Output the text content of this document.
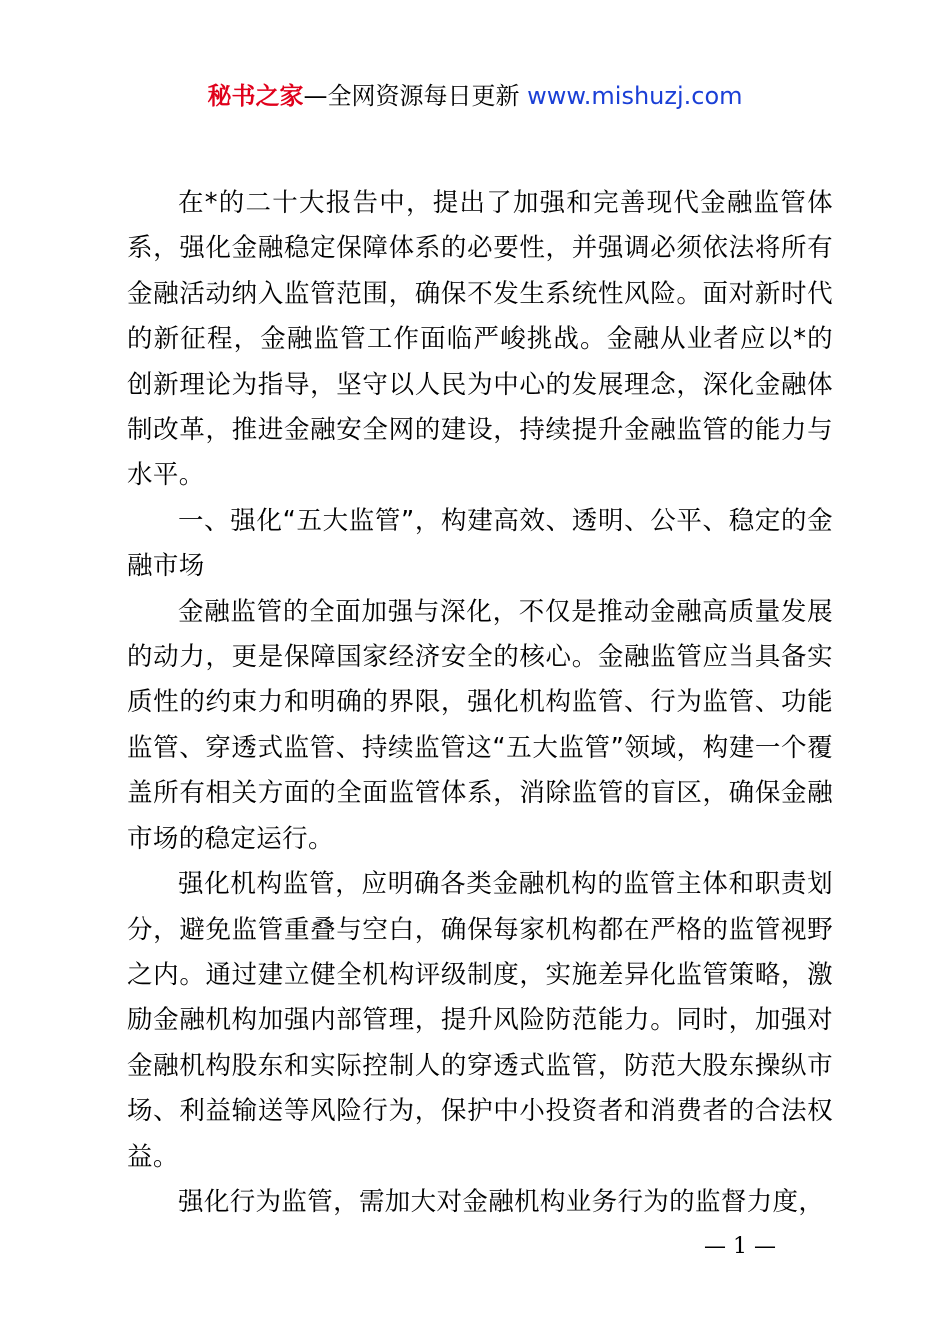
秘书之家—全网资源每日更新 www.mishuzj.com

在*的二十大报告中，提出了加强和完善现代金融监管体系，强化金融稳定保障体系的必要性，并强调必须依法将所有金融活动纳入监管范围，确保不发生系统性风险。面对新时代的新征程，金融监管工作面临严峻挑战。金融从业者应以*的创新理论为指导，坚守以人民为中心的发展理念，深化金融体制改革，推进金融安全网的建设，持续提升金融监管的能力与水平。

一、强化“五大监管”，构建高效、透明、公平、稳定的金融市场

金融监管的全面加强与深化，不仅是推动金融高质量发展的动力，更是保障国家经济安全的核心。金融监管应当具备实质性的约束力和明确的界限，强化机构监管、行为监管、功能监管、穿透式监管、持续监管这“五大监管”领域，构建一个覆盖所有相关方面的全面监管体系，消除监管的盲区，确保金融市场的稳定运行。

强化机构监管，应明确各类金融机构的监管主体和职责划分，避免监管重叠与空白，确保每家机构都在严格的监管视野之内。通过建立健全机构评级制度，实施差异化监管策略，激励金融机构加强内部管理，提升风险防范能力。同时，加强对金融机构股东和实际控制人的穿透式监管，防范大股东操纵市场、利益输送等风险行为，保护中小投资者和消费者的合法权益。

强化行为监管，需加大对金融机构业务行为的监督力度，

— 1 —
